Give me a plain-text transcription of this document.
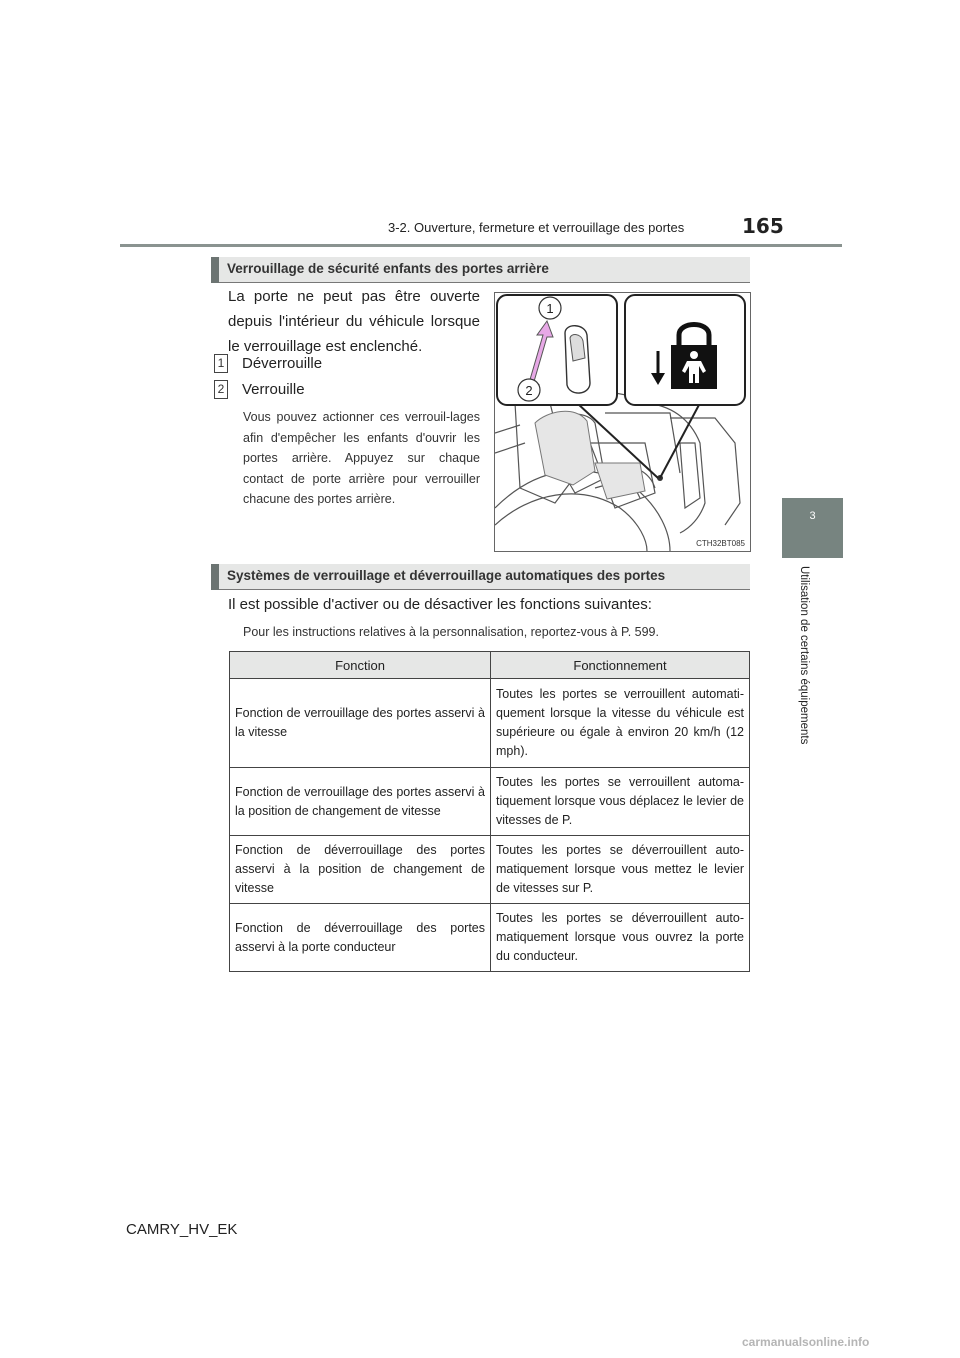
3-2. Ouverture, fermeture et verrouillage des portes	165
3
Utilisation de certains équipements
Verrouillage de sécurité enfants des portes arrière
La porte ne peut pas être ouverte depuis l'intérieur du véhicule lorsque le verrouillage est enclenché.
1 Déverrouille
2 Verrouille
Vous pouvez actionner ces verrouil-lages afin d'empêcher les enfants d'ouvrir les portes arrière. Appuyez sur chaque contact de porte arrière pour verrouiller chacune des portes arrière.
1
2
CTH32BT085
Systèmes de verrouillage et déverrouillage automatiques des portes
Il est possible d'activer ou de désactiver les fonctions suivantes:
Pour les instructions relatives à la personnalisation, reportez-vous à P. 599.
Fonction	Fonctionnement
Fonction de verrouillage des portes asservi à la vitesse	Toutes les portes se verrouillent automati-quement lorsque la vitesse du véhicule est supérieure ou égale à environ 20 km/h (12 mph).
Fonction de verrouillage des portes asservi à la position de changement de vitesse	Toutes les portes se verrouillent automa-tiquement lorsque vous déplacez le levier de vitesses de P.
Fonction de déverrouillage des portes asservi à la position de changement de vitesse	Toutes les portes se déverrouillent auto-matiquement lorsque vous mettez le levier de vitesses sur P.
Fonction de déverrouillage des portes asservi à la porte conducteur	Toutes les portes se déverrouillent auto-matiquement lorsque vous ouvrez la porte du conducteur.
CAMRY_HV_EK
carmanualsonline.info
